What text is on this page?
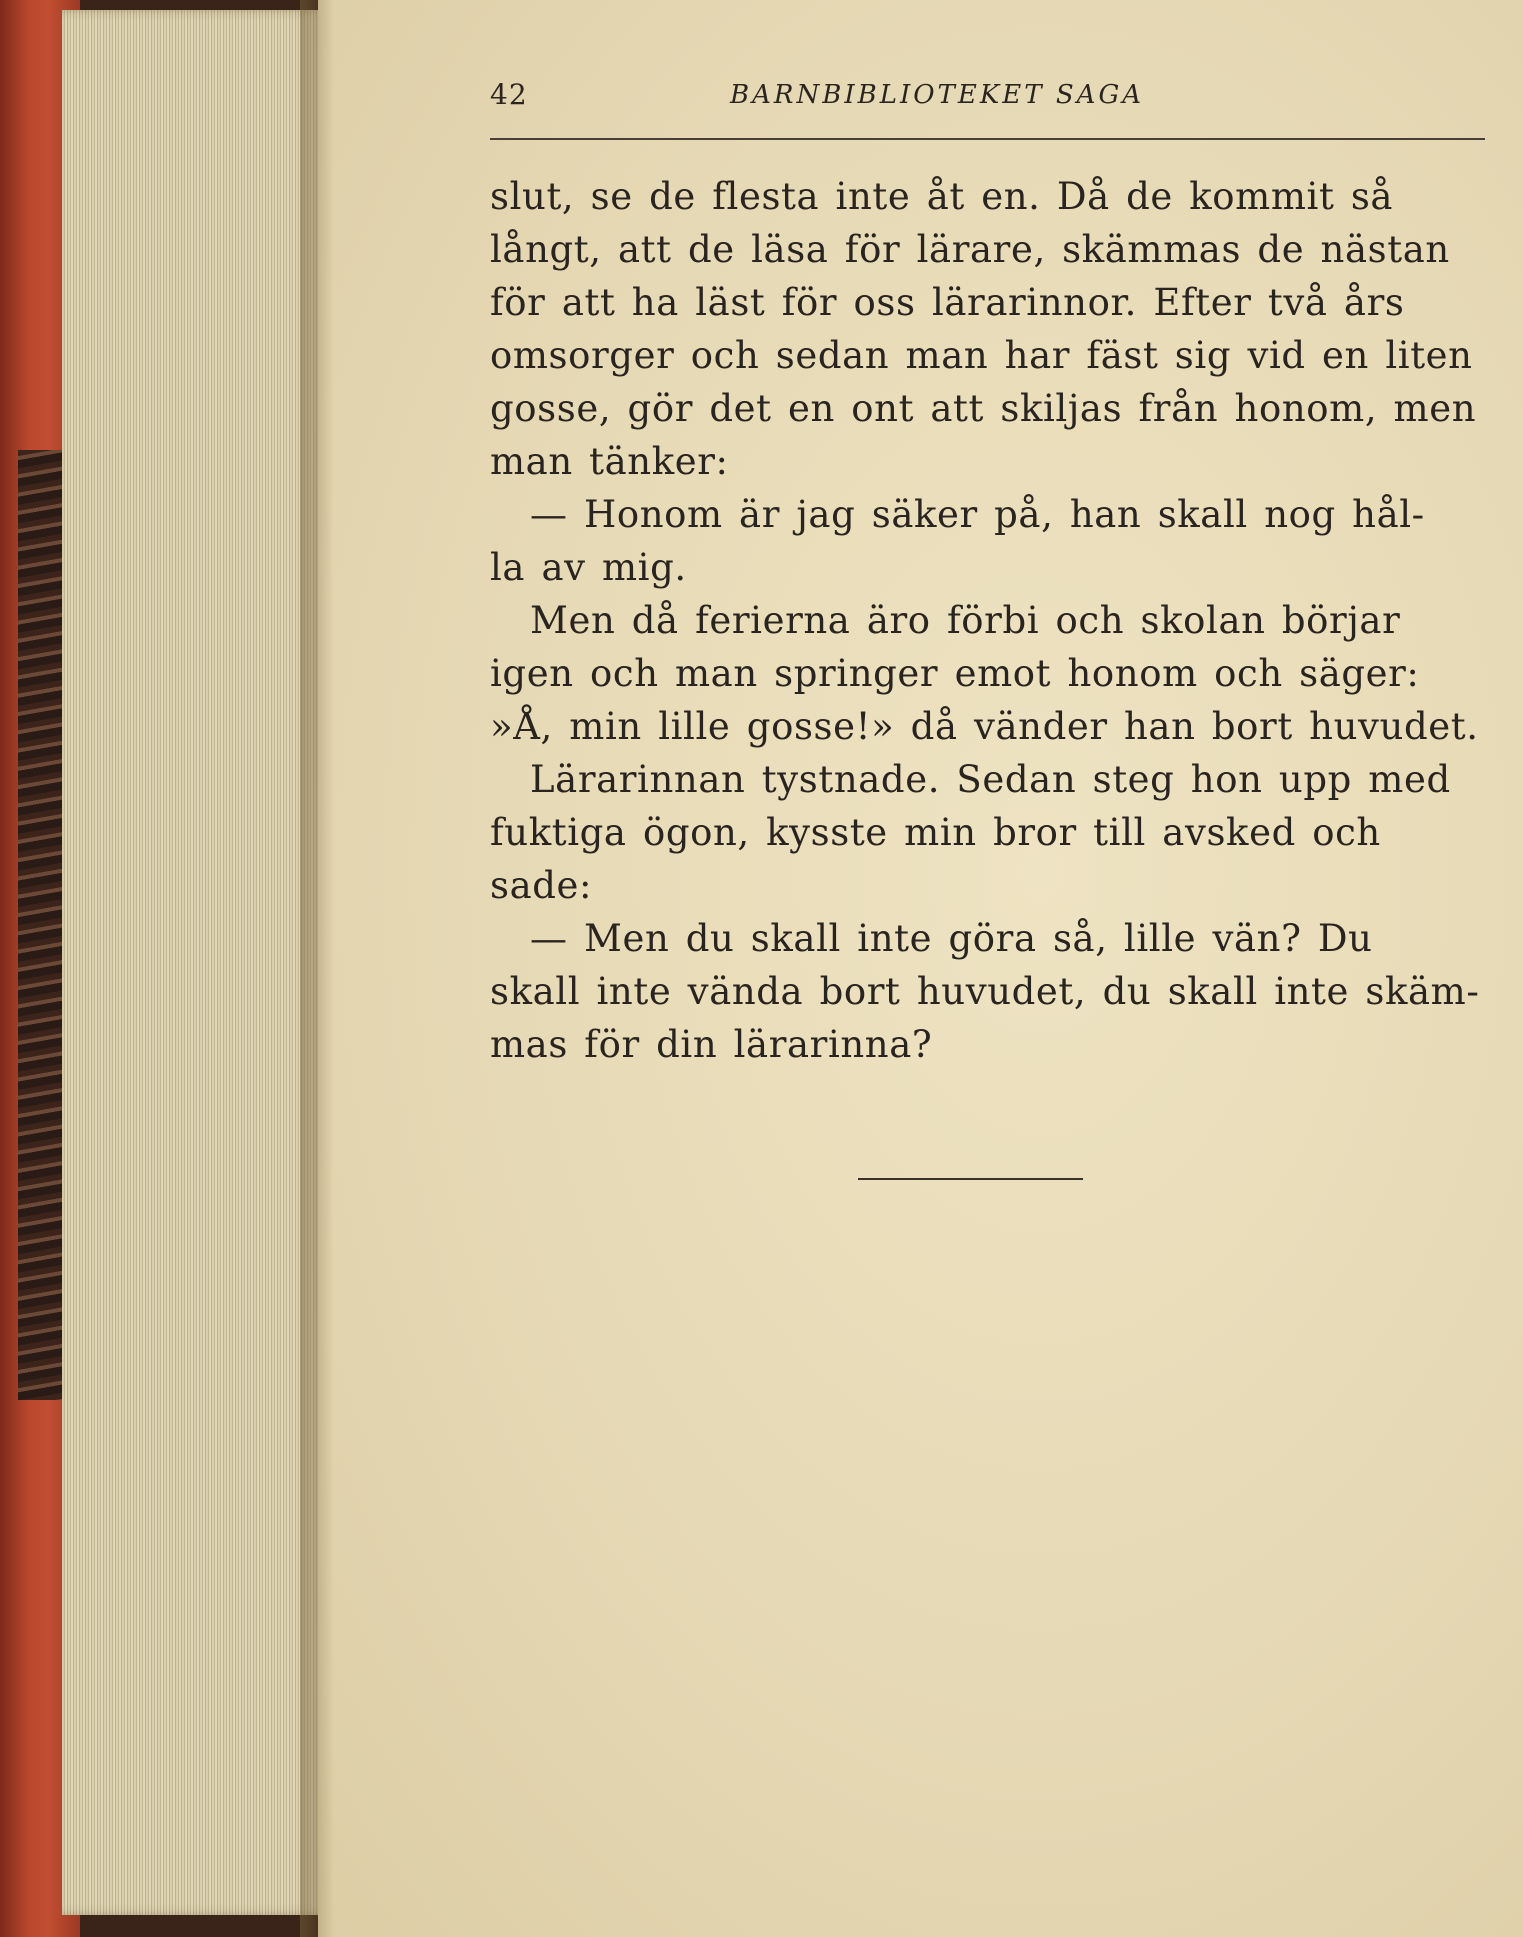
42	BARNBIBLIOTEKET SAGA
slut, se de flesta inte åt en. Då de kommit så
långt, att de läsa för lärare, skämmas de nästan
för att ha läst för oss lärarinnor. Efter två års
omsorger och sedan man har fäst sig vid en liten
gosse, gör det en ont att skiljas från honom, men
man tänker:
— Honom är jag säker på, han skall nog hål-
la av mig.
Men då ferierna äro förbi och skolan börjar
igen och man springer emot honom och säger:
»Å, min lille gosse!» då vänder han bort huvudet.
Lärarinnan tystnade. Sedan steg hon upp med
fuktiga ögon, kysste min bror till avsked och
sade:
— Men du skall inte göra så, lille vän? Du
skall inte vända bort huvudet, du skall inte skäm-
mas för din lärarinna?
